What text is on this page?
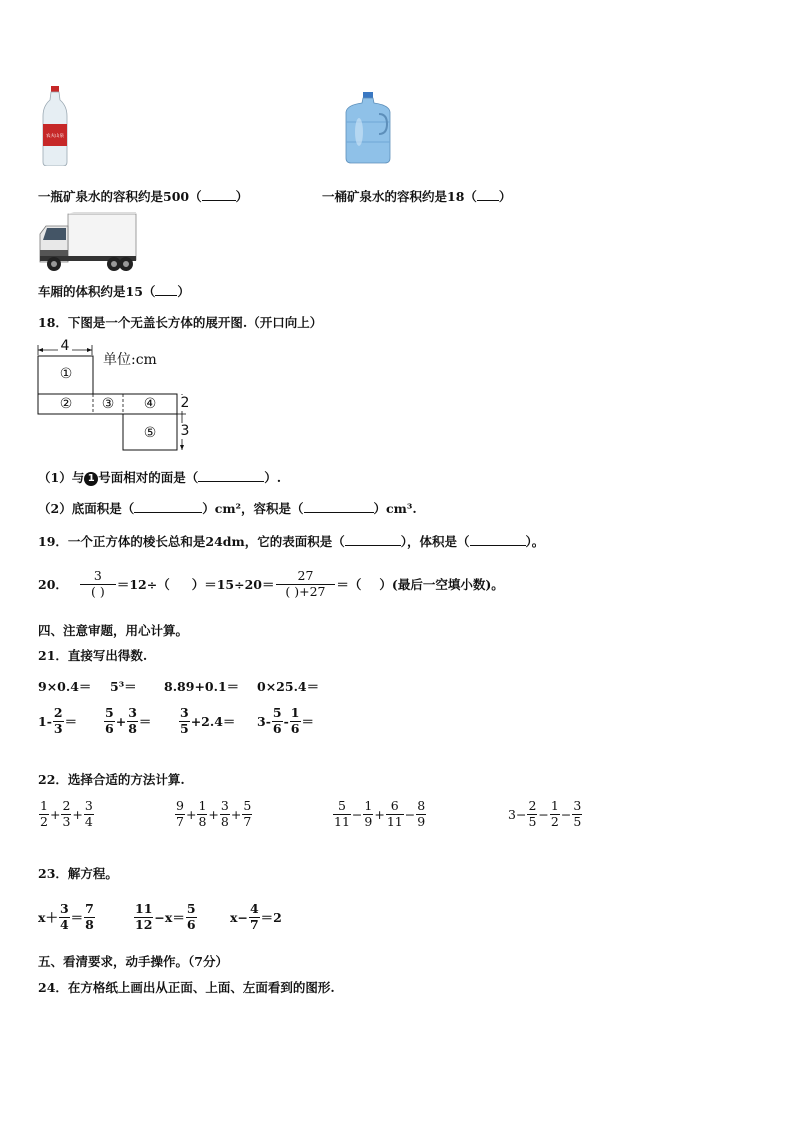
农夫山泉
一瓶矿泉水的容积约是500（	）	一桶矿泉水的容积约是18（ ）
车厢的体积约是15（ ）
18．下图是一个无盖长方体的展开图.（开口向上）
4
①
②	③	④
⑤
2
3
单位:cm
（1）与 1 号面相对的面是（	）.
（2）底面积是（	）cm²，容积是（	）cm³.
19．一个正方体的棱长总和是24dm，它的表面积是（	），体积是（	）。
20．
3
( ) ＝12÷（ ）$=15\div 20= \frac{27}{( )+27}$ ＝（ ）(最后一空填小数)。
四、注意审题，用心计算。
21．直接写出得数.
9×0.4＝ 5³＝ 8.89+0.1＝ 0×25.4＝
$1- \frac{2}{3} = \frac{5}{6} + \frac{3}{8} = \frac{3}{5} +2.4= 3- \frac{5}{6} - \frac{1}{6}$ ＝
22．选择合适的方法计算.
$\frac{1}{2} + \frac{2}{3} + \frac{3}{4}$	$\frac{9}{7} + \frac{1}{8} + \frac{3}{8} + \frac{5}{7}$	$\frac{5}{11} - \frac{1}{9} + \frac{6}{11} - \frac{8}{9}$	$3- \frac{2}{5} - \frac{1}{2} - \frac{3}{5}$
23．解方程。
$x+ \frac{3}{4} = \frac{7}{8}$	$\frac{11}{12} -x= \frac{5}{6}$	$x- \frac{4}{7} =2$
五、看清要求，动手操作。（7分）
24．在方格纸上画出从正面、上面、左面看到的图形.
